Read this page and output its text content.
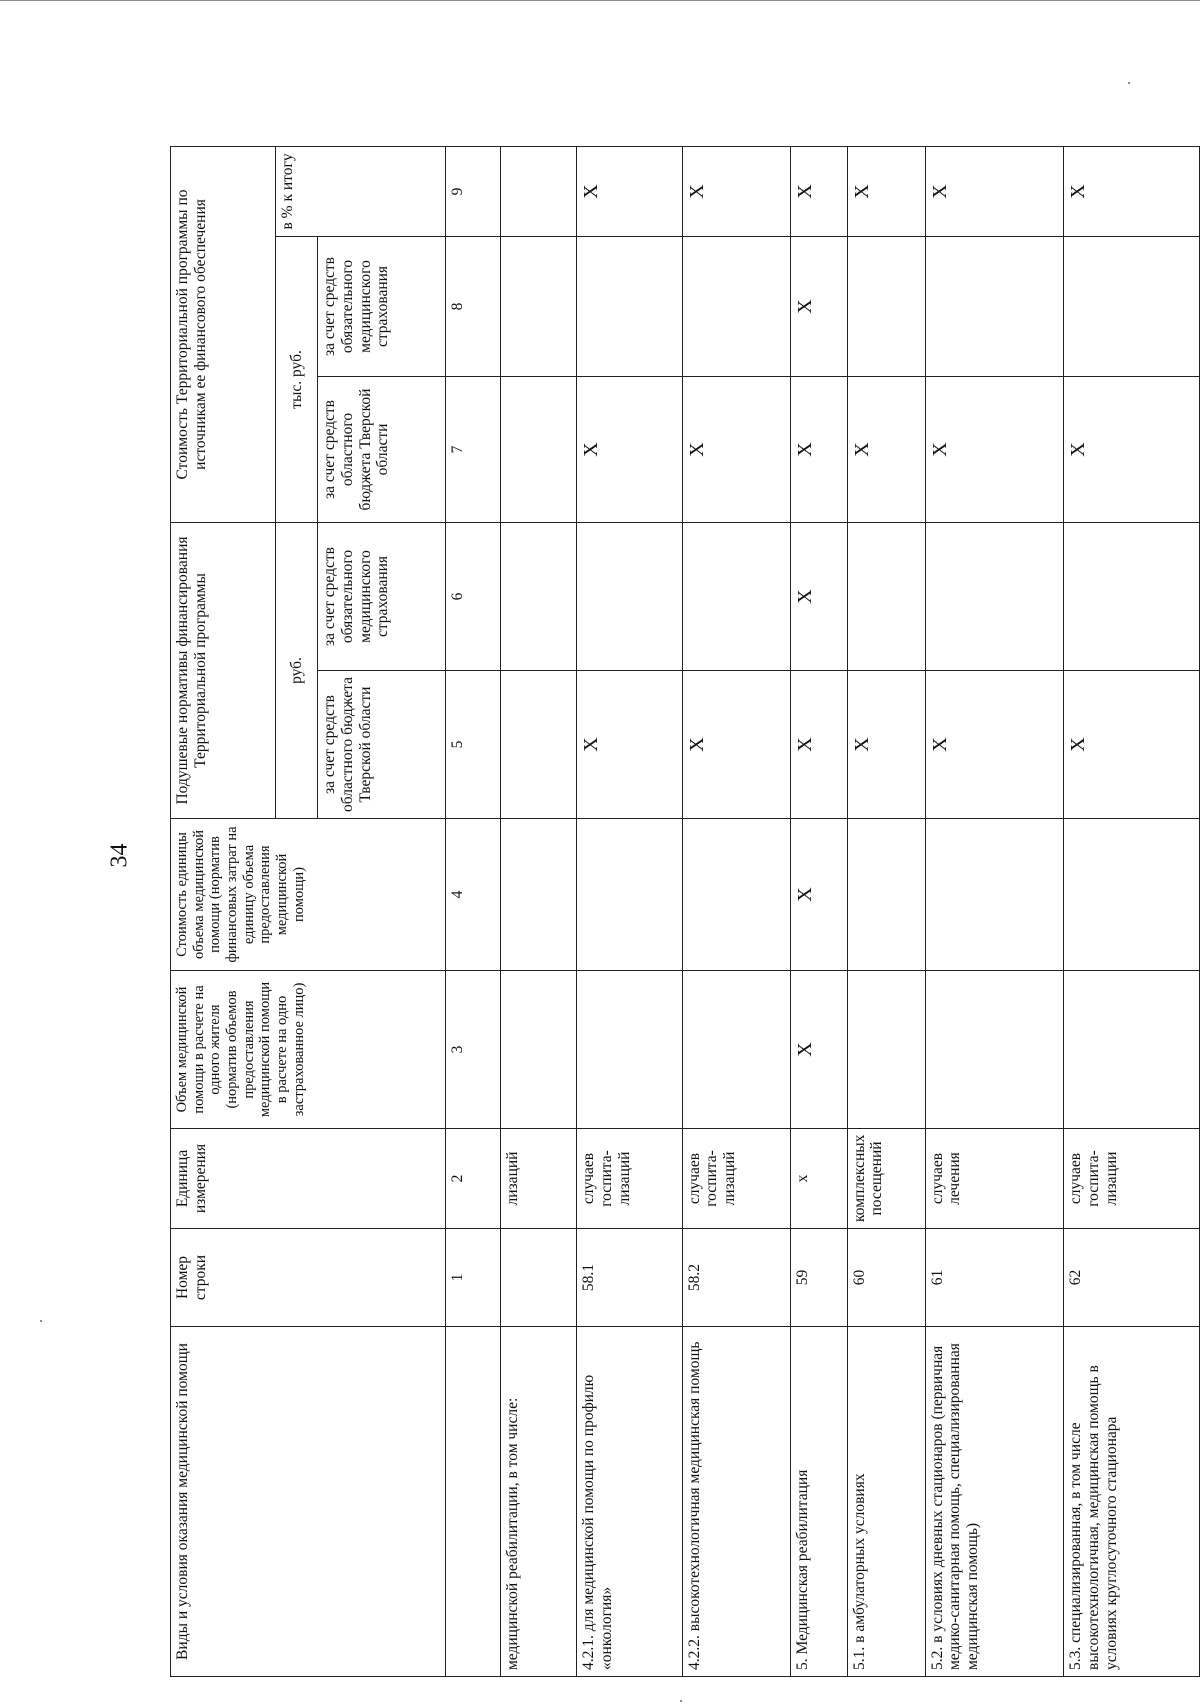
34
Виды и условия оказания медицинской помощи	Номер строки	Единица измерения	Объем медицинской помощи в расчете на одного жителя (норматив объемов предоставления медицинской помощи в расчете на одно застрахованное лицо)	Стоимость единицы объема медицинской помощи (норматив финансовых затрат на единицу объема предоставления медицинской помощи)	Подушевые нормативы финансирования Территориальной программы		Стоимость Территориальной программы по источникам ее финансового обеспечения		
					руб.		тыс. руб.		в % к итогу
					за счет средств областного бюджета Тверской области	за счет средств обязательного медицинского страхования	за счет средств областного бюджета Тверской области	за счет средств обязательного медицинского страхования	
	1	2	3	4	5	6	7	8	9
медицинской реабилитации, в том числе:		лизаций							
4.2.1. для медицинской помощи по профилю «онкология»	58.1	случаев госпита-лизаций			Х		Х		Х
4.2.2. высокотехнологичная медицинская помощь	58.2	случаев госпита-лизаций			Х		Х		Х
5. Медицинская реабилитация	59	х	Х	Х	Х	Х	Х	Х	Х
5.1. в амбулаторных условиях	60	комплексных посещений			Х		Х		Х
5.2. в условиях дневных стационаров (первичная медико-санитарная помощь, специализированная медицинская помощь)	61	случаев лечения			Х		Х		Х
5.3. специализированная, в том числе высокотехнологичная, медицинская помощь в условиях круглосуточного стационара	62	случаев госпита-лизации			Х		Х		Х
